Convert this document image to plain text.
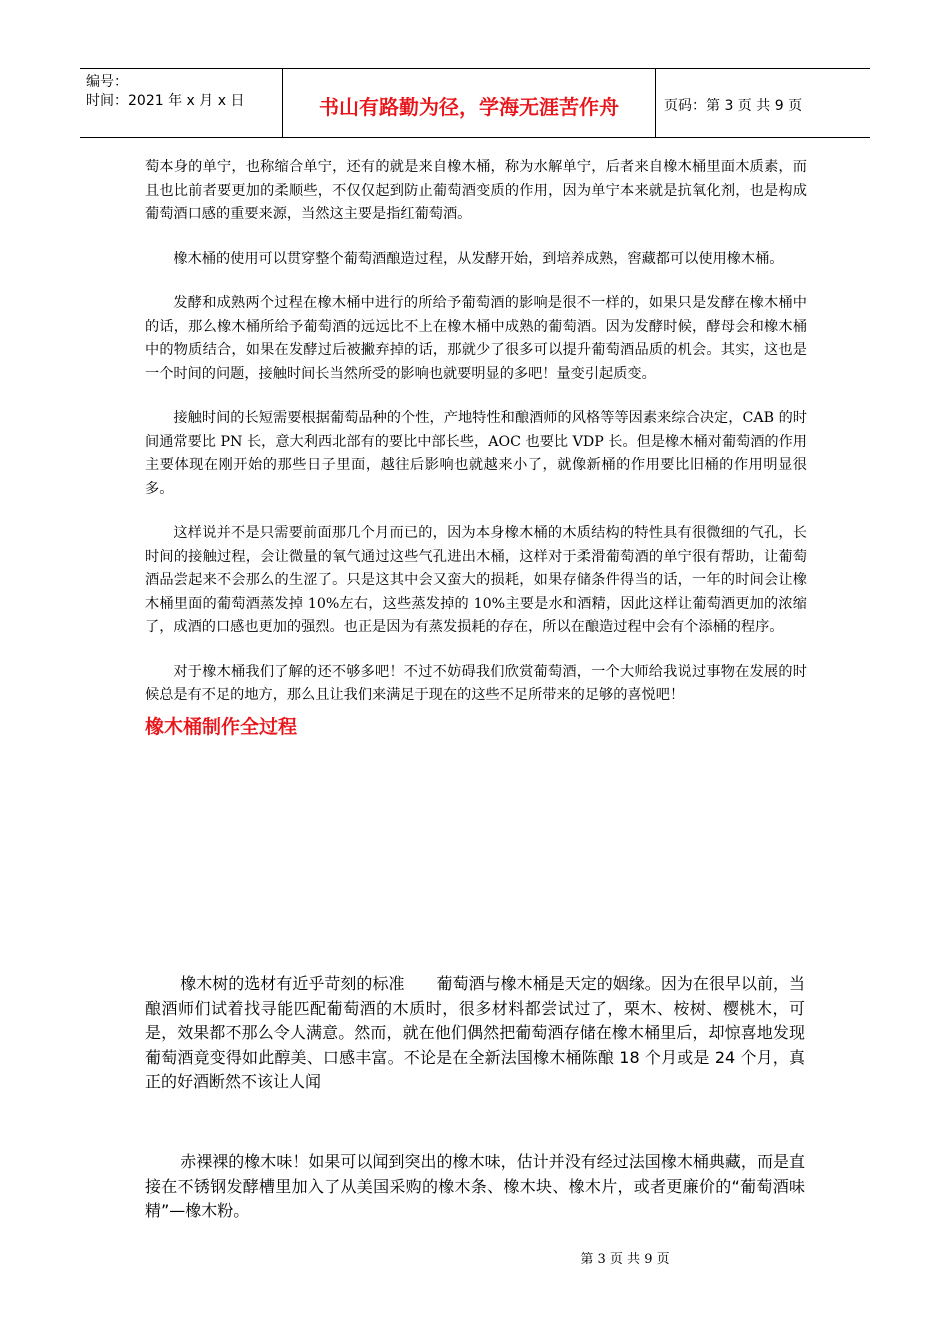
编号：
时间：2021 年 x 月 x 日	书山有路勤为径，学海无涯苦作舟	页码：第 3 页 共 9 页

萄本身的单宁，也称缩合单宁，还有的就是来自橡木桶，称为水解单宁，后者来自橡木桶里面木质素，而且也比前者要更加的柔顺些，不仅仅起到防止葡萄酒变质的作用，因为单宁本来就是抗氧化剂，也是构成葡萄酒口感的重要来源，当然这主要是指红葡萄酒。

橡木桶的使用可以贯穿整个葡萄酒酿造过程，从发酵开始，到培养成熟，窖藏都可以使用橡木桶。

发酵和成熟两个过程在橡木桶中进行的所给予葡萄酒的影响是很不一样的，如果只是发酵在橡木桶中的话，那么橡木桶所给予葡萄酒的远远比不上在橡木桶中成熟的葡萄酒。因为发酵时候，酵母会和橡木桶中的物质结合，如果在发酵过后被撇弃掉的话，那就少了很多可以提升葡萄酒品质的机会。其实，这也是一个时间的问题，接触时间长当然所受的影响也就要明显的多吧！量变引起质变。

接触时间的长短需要根据葡萄品种的个性，产地特性和酿酒师的风格等等因素来综合决定，CAB 的时间通常要比 PN 长，意大利西北部有的要比中部长些，AOC 也要比 VDP 长。但是橡木桶对葡萄酒的作用主要体现在刚开始的那些日子里面，越往后影响也就越来小了，就像新桶的作用要比旧桶的作用明显很多。

这样说并不是只需要前面那几个月而已的，因为本身橡木桶的木质结构的特性具有很微细的气孔，长时间的接触过程，会让微量的氧气通过这些气孔进出木桶，这样对于柔滑葡萄酒的单宁很有帮助，让葡萄酒品尝起来不会那么的生涩了。只是这其中会又蛮大的损耗，如果存储条件得当的话，一年的时间会让橡木桶里面的葡萄酒蒸发掉 10%左右，这些蒸发掉的 10%主要是水和酒精，因此这样让葡萄酒更加的浓缩了，成酒的口感也更加的强烈。也正是因为有蒸发损耗的存在，所以在酿造过程中会有个添桶的程序。

对于橡木桶我们了解的还不够多吧！不过不妨碍我们欣赏葡萄酒，一个大师给我说过事物在发展的时候总是有不足的地方，那么且让我们来满足于现在的这些不足所带来的足够的喜悦吧！

橡木桶制作全过程

橡木树的选材有近乎苛刻的标准　　葡萄酒与橡木桶是天定的姻缘。因为在很早以前，当酿酒师们试着找寻能匹配葡萄酒的木质时，很多材料都尝试过了，栗木、桉树、樱桃木，可是，效果都不那么令人满意。然而，就在他们偶然把葡萄酒存储在橡木桶里后，却惊喜地发现葡萄酒竟变得如此醇美、口感丰富。不论是在全新法国橡木桶陈酿 18 个月或是 24 个月，真正的好酒断然不该让人闻

赤裸裸的橡木味！如果可以闻到突出的橡木味，估计并没有经过法国橡木桶典藏，而是直接在不锈钢发酵槽里加入了从美国采购的橡木条、橡木块、橡木片，或者更廉价的“葡萄酒味精”—橡木粉。

第 3 页 共 9 页
